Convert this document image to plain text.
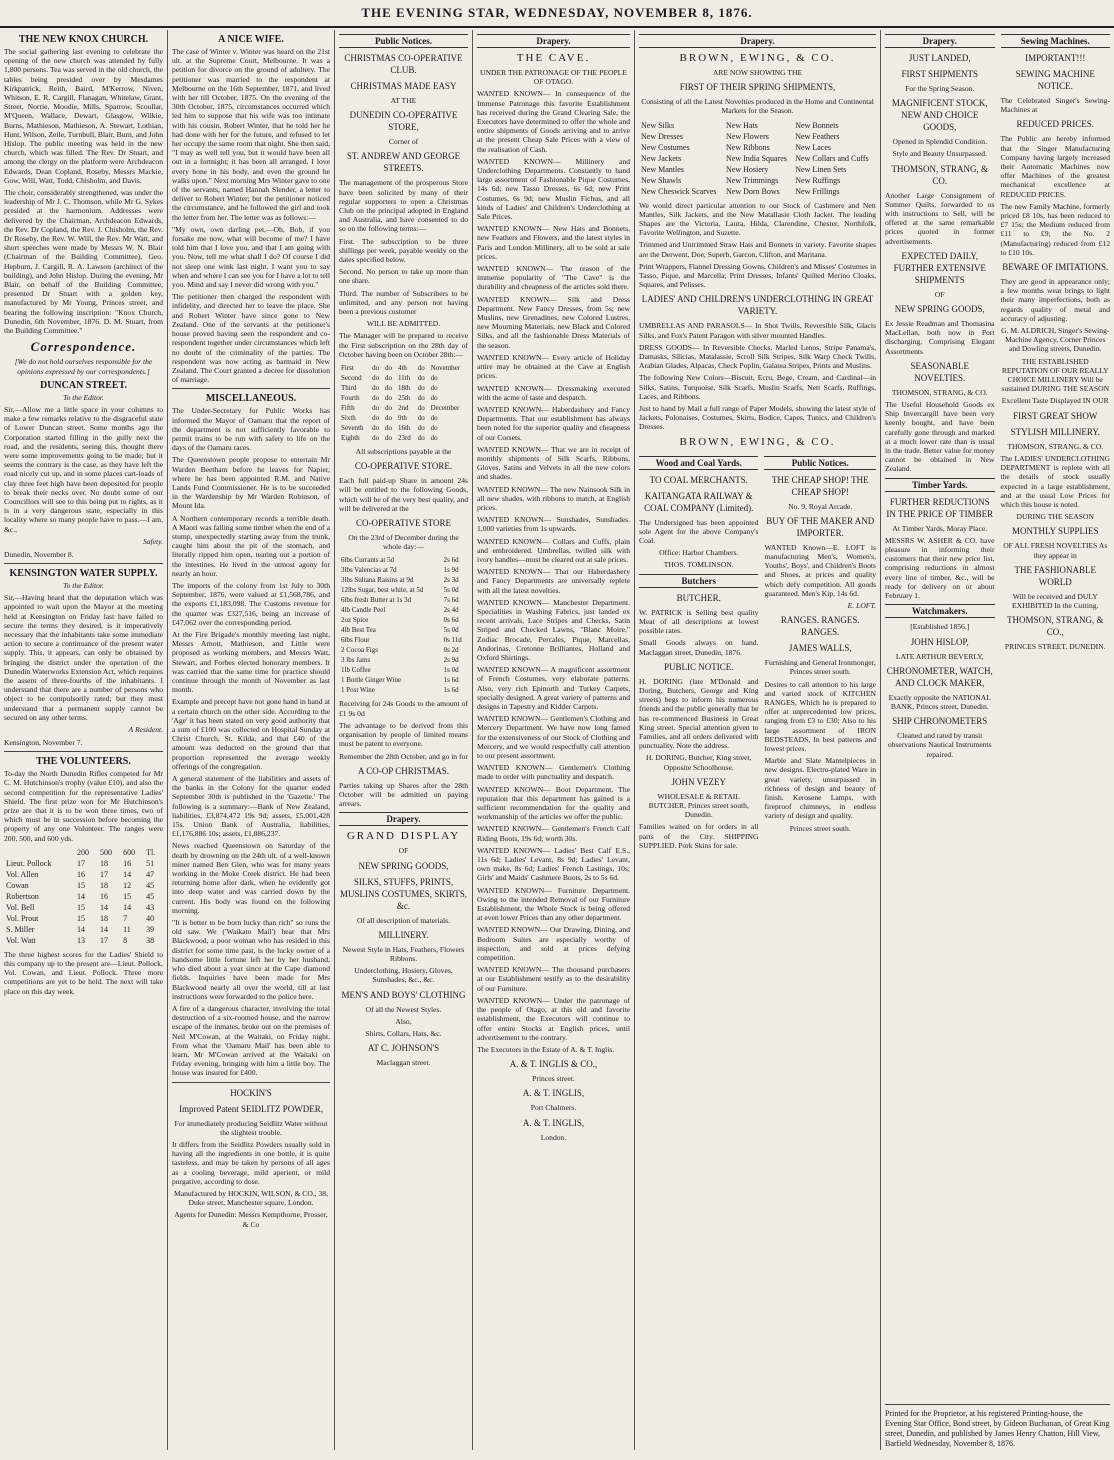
THE EVENING STAR, WEDNESDAY, NOVEMBER 8, 1876.
THE NEW KNOX CHURCH.

The social gathering last evening to celebrate the opening of the new church was attended by fully 1,800 persons. Tea was served in the old church, the tables being presided over by Mesdames Kirkpatrick, Reith, Baird, M'Kerrow, Niven, Whitson, E. R. Cargill, Flanagan, Whitelaw, Grant, Street, Norrie, Moodie, Mills, Sparrow, Scoullar, M'Queen, Wallace, Dewart, Glasgow, Wilkie, Burns, Mathieson, Mathieson, A. Stewart, Lothian, Hunt, Wilson, Zeile, Turnbull, Blair, Burn, and John Hislop. The public meeting was held in the new church, which was filled. The Rev. Dr Stuart, and among the clergy on the platform were Archdeacon Edwards, Dean Copland, Roseby, Messrs Mackie, Gow, Will, Watt, Todd, Chisholm, and Davis.

The choir, considerably strengthened, was under the leadership of Mr J. C. Thomson, while Mr G. Sykes presided at the harmonium. Addresses were delivered by the Chairman, Archdeacon Edwards, the Rev. Dr Copland, the Rev. J. Chisholm, the Rev. Dr Roseby, the Rev. W. Will, the Rev. Mr Watt, and short speeches were made by Messrs W. N. Blair (Chairman of the Building Committee), Geo. Hepburn, J. Cargill, R. A. Lawson (architect of the building), and John Hislop. During the evening, Mr Blair, on behalf of the Building Committee, presented Dr Stuart with a golden key, manufactured by Mr Young, Princes street, and bearing the following inscription: "Knox Church, Dunedin, 6th November, 1876. D. M. Stuart, from the Building Committee."

Correspondence.

[We do not hold ourselves responsible for the opinions expressed by our correspondents.]

DUNCAN STREET.

To the Editor.

Sir,—Allow me a little space in your columns to make a few remarks relative to the disgraceful state of Lower Duncan street. Some months ago the Corporation started filling in the gully next the road, and the residents, seeing this, thought there were some improvements going to be made; but it seems the contrary is the case, as they have left the road nicely cut up, and in some places cart-loads of clay three feet high have been deposited for people to break their necks over. No doubt some of our Councillors will see to this being put to rights, as it is in a very dangerous state, especially in this locality where so many people have to pass.—I am, &c.,

Safety.

Dunedin, November 8.

KENSINGTON WATER SUPPLY.

To the Editor.

Sir,—Having heard that the deputation which was appointed to wait upon the Mayor at the meeting held at Kensington on Friday last have failed to secure the terms they desired, is it imperatively necessary that the inhabitants take some immediate action to secure a continuance of the present water supply. This, it appears, can only be obtained by bringing the district under the operation of the Dunedin Waterworks Extension Act, which requires the assent of three-fourths of the inhabitants. I understand that there are a number of persons who object to be compulsorily rated; but they must understand that a permanent supply cannot be secured on any other terms.

A Resident.

Kensington, November 7.

THE VOLUNTEERS.

To-day the North Dunedin Rifles competed for Mr C. M. Hutchinson's trophy (value £10), and also the second competition for the representative Ladies' Shield. The first prize won for Mr Hutchinson's prize are that it is to be won three times, two of which must be in succession before becoming the property of any one Volunteer. The ranges were 200, 500, and 600 yds.

	200	500	600	Tl.
Lieut. Pollock	17	18	16	51
Vol. Allen	16	17	14	47
Cowan	15	18	12	45
Robertson	14	16	15	45
Vol. Bell	15	14	14	43
Vol. Prout	15	18	7	40
S. Miller	14	14	11	39
Vol. Watt	13	17	8	38

The three highest scores for the Ladies' Shield to this company up to the present are—Lieut. Pollock, Vol. Cowan, and Lieut. Pollock. Three more competitions are yet to be held. The next will take place on this day week.

A NICE WIFE.

The case of Winter v. Winter was heard on the 21st ult. at the Supreme Court, Melbourne. It was a petition for divorce on the ground of adultery. The petitioner was married to the respondent at Melbourne on the 16th September, 1871, and lived with her till October, 1875. On the evening of the 30th October, 1875, circumstances occurred which led him to suppose that his wife was too intimate with his cousin, Robert Winter, that he told her he had done with her for the future, and refused to let her occupy the same room that night. She then said, "I may as well tell you, but it would have been all out in a fortnight; it has been all arranged. I love every bone in his body, and even the ground he walks upon." Next morning Mrs Winter gave to one of the servants, named Hannah Slender, a letter to deliver to Robert Winter; but the petitioner noticed the circumstance, and he followed the girl and took the letter from her. The letter was as follows:—

"My own, own darling pet,—Oh, Bob, if you forsake me now, what will become of me? I have told him that I love you, and that I am going with you. Now, tell me what shall I do? Of course I did not sleep one wink last night. I want you to say when and where I can see you for I have a lot to tell you. Mind and say I never did wrong with you."

The petitioner then charged the respondent with infidelity, and directed her to leave the place. She and Robert Winter have since gone to New Zealand. One of the servants at the petitioner's house proved having seen the respondent and co-respondent together under circumstances which left no doubt of the criminality of the parties. The respondent was now acting as barmaid in New Zealand. The Court granted a decree for dissolution of marriage.

MISCELLANEOUS.

The Under-Secretary for Public Works has informed the Mayor of Oamaru that the report of the department is not sufficiently favorable to permit trains to be run with safety to life on the days of the Oamaru races.

The Queenstown people propose to entertain Mr Warden Beetham before he leaves for Napier, where he has been appointed R.M. and Native Lands Fund Commissioner. He is to be succeeded in the Wardenship by Mr Warden Robinson, of Mount Ida.

A Northern contemporary records a terrible death. A Maori was falling some timber when the end of a stump, unexpectedly starting away from the trunk, caught him about the pit of the stomach, and literally ripped him open, tearing out a portion of the intestines. He lived in the utmost agony for nearly an hour.

The imports of the colony from 1st July to 30th September, 1876, were valued at £1,568,786, and the exports £1,183,098. The Customs revenue for the quarter was £327,516, being an increase of £47,062 over the corresponding period.

At the Fire Brigade's monthly meeting last night, Messrs Arnott, Mathieson, and Little were proposed as working members, and Messrs Watt, Stewart, and Forbes elected honorary members. It was carried that the same time for practice should continue through the month of November as last month.

Example and precept have not gone hand in hand at a certain church on the other side. According to the 'Age' it has been stated on very good authority that a sum of £100 was collected on Hospital Sunday at Christ Church, St. Kilda, and that £40 of the amount was deducted on the ground that that proportion represented the average weekly offerings of the congregation.

A general statement of the liabilities and assets of the banks in the Colony for the quarter ended September 30th is published in the 'Gazette.' The following is a summary:—Bank of New Zealand, liabilities, £3,874,472 19s 9d; assets, £5,001,428 15s. Union Bank of Australia, liabilities, £1,176,886 10s; assets, £1,886,237.

News reached Queenstown on Saturday of the death by drowning on the 24th ult. of a well-known miner named Ben Glen, who was for many years working in the Moke Creek district. He had been returning home after dark, when he evidently got into deep water and was carried down by the current. His body was found on the following morning.

"It is better to be born lucky than rich" so runs the old saw. We ('Waikato Mail') hear that Mrs Blackwood, a poor woman who has resided in this district for some time past, is the lucky owner of a handsome little fortune left her by her husband, who died about a year since at the Cape diamond fields. Inquiries have been made for Mrs Blackwood nearly all over the world, till at last instructions were forwarded to the police here.

A fire of a dangerous character, involving the total destruction of a six-roomed house, and the narrow escape of the inmates, broke out on the premises of Neil M'Cowan, at the Waitaki, on Friday night. From what the 'Oamaru Mail' has been able to learn, Mr M'Cowan arrived at the Waitaki on Friday evening, bringing with him a little boy. The house was insured for £400.

HOCKIN'S
Improved Patent SEIDLITZ POWDER,

For immediately producing Seidlitz Water without the slightest trouble.

It differs from the Seidlitz Powders usually sold in having all the ingredients in one bottle, it is quite tasteless, and may be taken by persons of all ages as a cooling beverage, mild aperient, or mild purgative, according to dose.

Manufactured by HOCKIN, WILSON, & CO., 38, Duke street, Manchester square, London.

Agents for Dunedin: Messrs Kempthorne, Prosser, & Co

Public Notices.
CHRISTMAS CO-OPERATIVE CLUB.
CHRISTMAS MADE EASY

AT THE

DUNEDIN CO-OPERATIVE STORE,

Corner of

ST. ANDREW AND GEORGE STREETS.

The management of the prosperous Store have been solicited by many of their regular supporters to open a Christmas Club on the principal adopted in England and Australia, and have consented to do so on the following terms:—

First. The subscription to be three shillings per week, payable weekly on the dates specified below.

Second. No person to take up more than one share.

Third. The number of Subscribers to be unlimited, and any person not having been a previous customer

WILL BE ADMITTED.

The Manager will be prepared to receive the First subscription on the 28th day of October having been on October 28th:—

First	do	do	4th	do	November
Second	do	do	11th	do	do
Third	do	do	18th	do	do
Fourth	do	do	25th	do	do
Fifth	do	do	2nd	do	December
Sixth	do	do	9th	do	do
Seventh	do	do	16th	do	do
Eighth	do	do	23rd	do	do

All subscriptions payable at the

CO-OPERATIVE STORE.

Each full paid-up Share in amount 24s will be entitled to the following Goods, which will be of the very best quality, and will be delivered at the

CO-OPERATIVE STORE

On the 23rd of December during the whole day:—

6lbs Currants at 5d	2s 6d
3lbs Valencias at 7d	1s 9d
3lbs Sultana Raisins at 9d	2s 3d
12lbs Sugar, best white, at 5d	5s 0d
6lbs fresh Butter at 1s 3d	7s 6d
4lb Candle Peel	2s 4d
2oz Spice	0s 6d
4lb Best Tea	5s 0d
6lbs Flour	0s 11d
2 Cocoa Figs	0s 2d
3 lbs Jams	2s 9d
1lb Coffee	1s 0d
1 Bottle Ginger Wine	1s 6d
1 Post Wine	1s 6d

Receiving for 24s Goods to the amount of £1 9s 0d

The advantage to be derived from this organisation by people of limited means must be patent to everyone.

Remember the 28th October, and go in for

A CO-OP CHRISTMAS.

Parties taking up Shares after the 28th October will be admitted on paying arrears.

Drapery.
GRAND DISPLAY

OF

NEW SPRING GOODS,
SILKS, STUFFS, PRINTS, MUSLINS COSTUMES, SKIRTS, &c.

Of all description of materials.

MILLINERY.

Newest Style in Hats, Feathers, Flowers Ribbons.

Underclothing, Hosiery, Gloves, Sunshades, &c., &c.

MEN'S AND BOYS' CLOTHING

Of all the Newest Styles.

Also,

Shirts, Collars, Hats, &c.

AT C. JOHNSON'S

Maclaggan street.

Drapery.
THE CAVE.

UNDER THE PATRONAGE OF THE PEOPLE OF OTAGO.

WANTED KNOWN— In consequence of the Immense Patronage this favorite Establishment has received during the Grand Clearing Sale, the Executors have determined to offer the whole and entire shipments of Goods arriving and to arrive at the present Cheap Sale Prices with a view of the realisation of Cash.

WANTED KNOWN— Millinery and Underclothing Departments. Constantly to hand large assortment of Fashionable Pique Costumes, 14s 6d; new Tasso Dresses, 6s 6d; new Print Costumes, 6s 9d; new Muslin Fichus, and all kinds of Ladies' and Children's Underclothing at Sale Prices.

WANTED KNOWN— New Hats and Bonnets, new Feathers and Flowers, and the latest styles in Paris and London Millinery, all to be sold at sale prices.

WANTED KNOWN— The reason of the immense popularity of "The Cave" is the durability and cheapness of the articles sold there.

WANTED KNOWN— Silk and Dress Department. New Fancy Dresses, from 5s; new Muslins, new Grenadines, new Colored Lustres, new Mourning Materials, new Black and Colored Silks, and all the fashionable Dress Materials of the season.

WANTED KNOWN— Every article of Holiday attire may be obtained at the Cave at English prices.

WANTED KNOWN— Dressmaking executed with the acme of taste and despatch.

WANTED KNOWN— Haberdashery and Fancy Departments. That our establishment has always been noted for the superior quality and cheapness of our Corsets.

WANTED KNOWN— That we are in receipt of monthly shipments of Silk Scarfs, Ribbons, Gloves, Satins and Velvets in all the new colors and shades.

WANTED KNOWN— The new Nainsook Silk in all new shades, with ribbons to match, at English prices.

WANTED KNOWN— Sunshades, Sunshades. 1,000 varieties from 1s upwards.

WANTED KNOWN— Collars and Cuffs, plain and embroidered. Umbrellas, twilled silk with ivory handles—must be cleared out at sale prices.

WANTED KNOWN— That our Haberdashery and Fancy Departments are universally replete with all the latest novelties.

WANTED KNOWN— Manchester Department. Specialities in Washing Fabrics, just landed ex recent arrivals, Lace Stripes and Checks, Satin Striped and Checked Lawns, "Blanc Moire," Zodiac Brocade, Percales, Pique, Marcellas, Andorinas, Cretonne Brilliantes, Holland and Oxford Shirtings.

WANTED KNOWN— A magnificent assortment of French Costumes, very elaborate patterns. Also, very rich Epinorth and Turkey Carpets, specially designed. A great variety of patterns and designs in Tapestry and Kidder Carpets.

WANTED KNOWN— Gentlemen's Clothing and Mercery Department. We have now long famed for the extensiveness of our Stock of Clothing and Mercery, and we would respectfully call attention to our present assortment.

WANTED KNOWN— Gentlemen's Clothing made to order with punctuality and despatch.

WANTED KNOWN— Boot Department. The reputation that this department has gained is a sufficient recommendation for the quality and workmanship of the articles we offer the public.

WANTED KNOWN— Gentlemen's French Calf Riding Boots, 19s 6d; worth 30s.

WANTED KNOWN— Ladies' Best Calf E.S., 11s 6d; Ladies' Levant, 8s 9d; Ladies' Levant, own make, 8s 6d; Ladies' French Lastings, 10s; Girls' and Maids' Cashmere Boots, 2s to 5s 6d.

WANTED KNOWN— Furniture Department. Owing to the intended Removal of our Furniture Establishment, the Whole Stock is being offered at even lower Prices than any other department.

WANTED KNOWN— Our Drawing, Dining, and Bedroom Suites are especially worthy of inspection, and sold at prices defying competition.

WANTED KNOWN— The thousand purchasers at our Establishment testify as to the desirability of our Furniture.

WANTED KNOWN— Under the patronage of the people of Otago, at this old and favorite establishment, the Executors will continue to offer entire Stocks at English prices, until advertisement to the contrary.

The Executors in the Estate of A. & T. Inglis.

A. & T. INGLIS & CO.,

Princes street.

A. & T. INGLIS,

Port Chalmers.

A. & T. INGLIS,

London.

Drapery.
BROWN, EWING, & CO.

ARE NOW SHOWING THE

FIRST OF THEIR SPRING SHIPMENTS,

Consisting of all the Latest Novelties produced in the Home and Continental Markets for the Season.

New Silks	New Hats	New Bonnets
New Dresses	New Flowers	New Feathers
New Costumes	New Ribbons	New Laces
New Jackets	New India Squares	New Collars and Cuffs
New Mantles	New Hosiery	New Linen Sets
New Shawls	New Trimmings	New Ruffings
New Cheswick Scarves	New Dorn Bows	New Frillings

We would direct particular attention to our Stock of Cashmere and Nett Mantles, Silk Jackets, and the New Matallasie Cloth Jacket. The leading Shapes are the Victoria, Laura, Hilda, Clarendine, Chester, Northfolk, Favorite Wellington, and Suzette.

Trimmed and Untrimmed Straw Hats and Bonnets in variety. Favorite shapes are the Derwent, Doe, Superb, Garcon, Clifton, and Maritana.

Print Wrappers, Flannel Dressing Gowns, Children's and Misses' Costumes in Tasso, Pique, and Marcella; Print Dresses, Infants' Quilted Merino Cloaks, Squares, and Pelisses.

LADIES' AND CHILDREN'S UNDERCLOTHING IN GREAT VARIETY.

UMBRELLAS AND PARASOLS— In Shot Twills, Reversible Silk, Glacis Silks, and Fox's Patent Paragon with silver mounted Handles.

DRESS GOODS— In Reversible Checks, Marled Lenos, Stripe Panama's, Damasks, Silicias, Matalassie, Scroll Silk Stripes, Silk Warp Check Twills, Arabian Glades, Alpacas, Check Poplin, Galatea Stripes, Prints and Muslins.

The following New Colors—Biscuit, Ecru, Bege, Cream, and Cardinal—in Silks, Satins, Turquoise, Silk Scarfs, Muslin Scarfs, Nett Scarfs, Ruffings, Laces, and Ribbons.

Just to hand by Mail a full range of Paper Models, showing the latest style of Jackets, Polonaises, Costumes, Skirts, Bodice, Capes, Tunics, and Children's Dresses.

BROWN, EWING, & CO.
Wood and Coal Yards.
TO COAL MERCHANTS.
KAITANGATA RAILWAY & COAL COMPANY (Limited).

The Undersigned has been appointed sole Agent for the above Company's Coal.

Office: Harbor Chambers.

THOS. TOMLINSON.

Butchers
BUTCHER.

W. PATRICK is Selling best quality Meat of all descriptions at lowest possible rates.

Small Goods always on hand. Maclaggan street, Dunedin, 1876.

PUBLIC NOTICE.

H. DORING (late M'Donald and Doring, Butchers, George and King streets) begs to inform his numerous friends and the public generally that he has re-commenced Business in Great King street. Special attention given to Families, and all orders delivered with punctuality. Note the address.

H. DORING, Butcher, King street, Opposite Schoolhouse.

JOHN VEZEY

WHOLESALE & RETAIL BUTCHER, Princes street south, Dunedin.

Families waited on for orders in all parts of the City. SHIPPING SUPPLIED. Pork Skins for sale.

Public Notices.
THE CHEAP SHOP! THE CHEAP SHOP!

No. 9, Royal Arcade.

BUY OF THE MAKER AND IMPORTER.

WANTED Known—E. LOFT is manufacturing Men's, Women's, Youths', Boys', and Children's Boots and Shoes, at prices and quality which defy competition. All goods guaranteed. Men's Kip, 14s 6d.

E. LOFT.
RANGES. RANGES. RANGES.
JAMES WALLS,

Furnishing and General Ironmonger, Princes street south.

Desires to call attention to his large and varied stock of KITCHEN RANGES, Which he is prepared to offer at unprecedented low prices, ranging from £3 to £30; Also to his large assortment of IRON BEDSTEADS, In best patterns and lowest prices.

Marble and Slate Mantelpieces in new designs. Electro-plated Ware in great variety, unsurpassed in richness of design and beauty of finish. Kerosene Lamps, with fireproof chimneys, in endless variety of design and quality.

Princes street south.

Drapery.
JUST LANDED,
FIRST SHIPMENTS

For the Spring Season.

MAGNIFICENT STOCK, NEW AND CHOICE GOODS,

Opened in Splendid Condition.

Style and Beauty Unsurpassed.

THOMSON, STRANG, & CO.

Another Large Consignment of Summer Quilts, forwarded to us with instructions to Sell, will be offered at the same remarkable prices quoted in former advertisements.

EXPECTED DAILY, FURTHER EXTENSIVE SHIPMENTS

OF

NEW SPRING GOODS,

Ex Jessie Readman and Thomasina MacLellan, both now in Port discharging, Comprising Elegant Assortments

SEASONABLE NOVELTIES.

THOMSON, STRANG, & CO.

The Useful Household Goods ex Ship Invercargill have been very keenly bought, and have been carefully gone through and marked at a much lower rate than is usual in the trade. Better value for money cannot be obtained in New Zealand.

Timber Yards.
FURTHER REDUCTIONS IN THE PRICE OF TIMBER

At Timber Yards, Moray Place.

MESSRS W. ASHER & CO. have pleasure in informing their customers that their new price list, comprising reductions in almost every line of timber, &c., will be ready for delivery on or about February 1.

Watchmakers.

[Established 1856.]

JOHN HISLOP,

LATE ARTHUR BEVERLY,

CHRONOMETER, WATCH, AND CLOCK MAKER,

Exactly opposite the NATIONAL BANK, Princes street, Dunedin.

SHIP CHRONOMETERS

Cleaned and rated by transit observations Nautical Instruments repaired.

Sewing Machines.
IMPORTANT!!!
SEWING MACHINE NOTICE.

The Celebrated Singer's Sewing-Machines at

REDUCED PRICES.

The Public are hereby informed that the Singer Manufacturing Company having largely increased their Automatic Machines now offer Machines of the greatest mechanical excellence at REDUCED PRICES.

The new Family Machine, formerly priced £8 10s, has been reduced to £7 15s; the Medium reduced from £11 to £9; the No. 2 (Manufacturing) reduced from £12 to £10 10s.

BEWARE OF IMITATIONS.

They are good in appearance only; a few months wear brings to light their many imperfections, both as regards quality of metal and accuracy of adjusting.

G. M. ALDRICH, Singer's Sewing-Machine Agency, Corner Princes and Dowling streets, Dunedin.

THE ESTABLISHED REPUTATION OF OUR REALLY CHOICE MILLINERY Will be sustained DURING THE SEASON

Excellent Taste Displayed IN OUR

FIRST GREAT SHOW
STYLISH MILLINERY.

THOMSON, STRANG, & CO.

The LADIES' UNDERCLOTHING DEPARTMENT is replete with all the details of stock usually expected in a large establishment, and at the usual Low Prices for which this house is noted.

DURING THE SEASON

MONTHLY SUPPLIES

OF ALL FRESH NOVELTIES As they appear in

THE FASHIONABLE WORLD

Will be received and DULY EXHIBITED In the Cutting.

THOMSON, STRANG, & CO.,

PRINCES STREET, DUNEDIN.

Printed for the Proprietor, at his registered Printing-house, the Evening Star Office, Bond street, by Gideon Buchanan, of Great King street, Dunedin, and published by James Henry Chatton, Hill View, Barfield Wednesday, November 8, 1876.
